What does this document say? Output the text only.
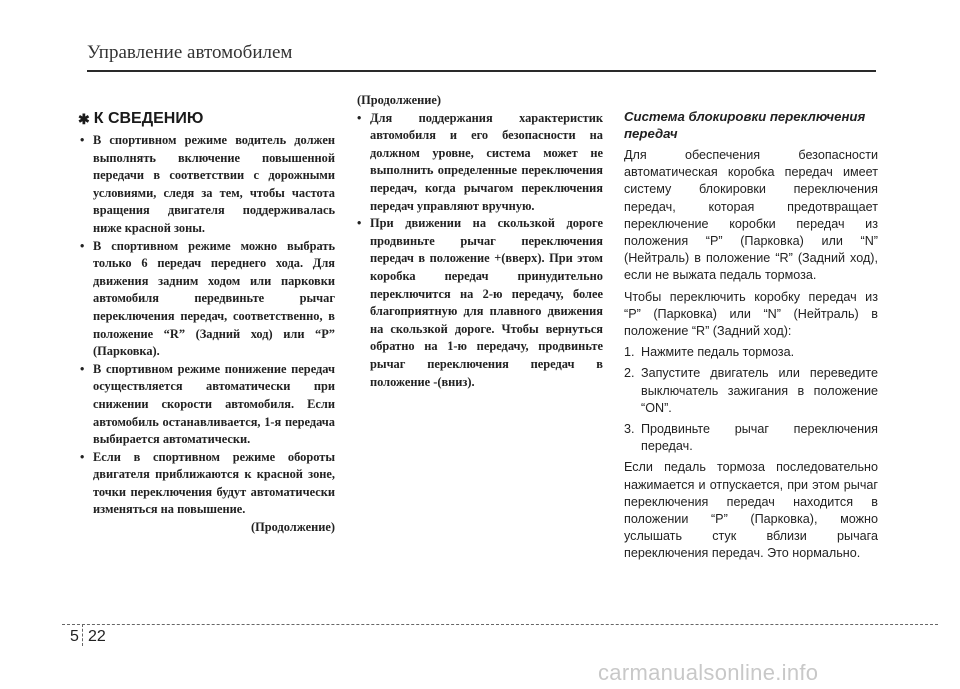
Управление автомобилем
✱ К СВЕДЕНИЮ
• В спортивном режиме водитель должен выполнять включение повышенной передачи в соответствии с дорожными условиями, следя за тем, чтобы частота вращения двигателя поддерживалась ниже красной зоны.
• В спортивном режиме можно выбрать только 6 передач переднего хода. Для движения задним ходом или парковки автомобиля передвиньте рычаг переключения передач, соответственно, в положение “R” (Задний ход) или “P” (Парковка).
• В спортивном режиме понижение передач осуществляется автоматически при снижении скорости автомобиля. Если автомобиль останавливается, 1-я передача выбирается автоматически.
• Если в спортивном режиме обороты двигателя приближаются к красной зоне, точки переключения будут автоматически изменяться на повышение.
(Продолжение)
(Продолжение)
• Для поддержания характеристик автомобиля и его безопасности на должном уровне, система может не выполнить определенные переключения передач, когда рычагом переключения передач управляют вручную.
• При движении на скользкой дороге продвиньте рычаг переключения передач в положение +(вверх). При этом коробка передач принудительно переключится на 2-ю передачу, более благоприятную для плавного движения на скользкой дороге. Чтобы вернуться обратно на 1-ю передачу, продвиньте рычаг переключения передач в положение -(вниз).
Система блокировки переключения передач

Для обеспечения безопасности автоматическая коробка передач имеет систему блокировки переключения передач, которая предотвращает переключение коробки передач из положения “P” (Парковка) или “N” (Нейтраль) в положение “R” (Задний ход), если не выжата педаль тормоза.

Чтобы переключить коробку передач из “P” (Парковка) или “N” (Нейтраль) в положение “R” (Задний ход):

1. Нажмите педаль тормоза.
2. Запустите двигатель или переведите выключатель зажигания в положение “ON”.
3. Продвиньте рычаг переключения передач.

Если педаль тормоза последовательно нажимается и отпускается, при этом рычаг переключения передач находится в положении “P” (Парковка), можно услышать стук вблизи рычага переключения передач. Это нормально.

5 22
carmanualsonline.info
